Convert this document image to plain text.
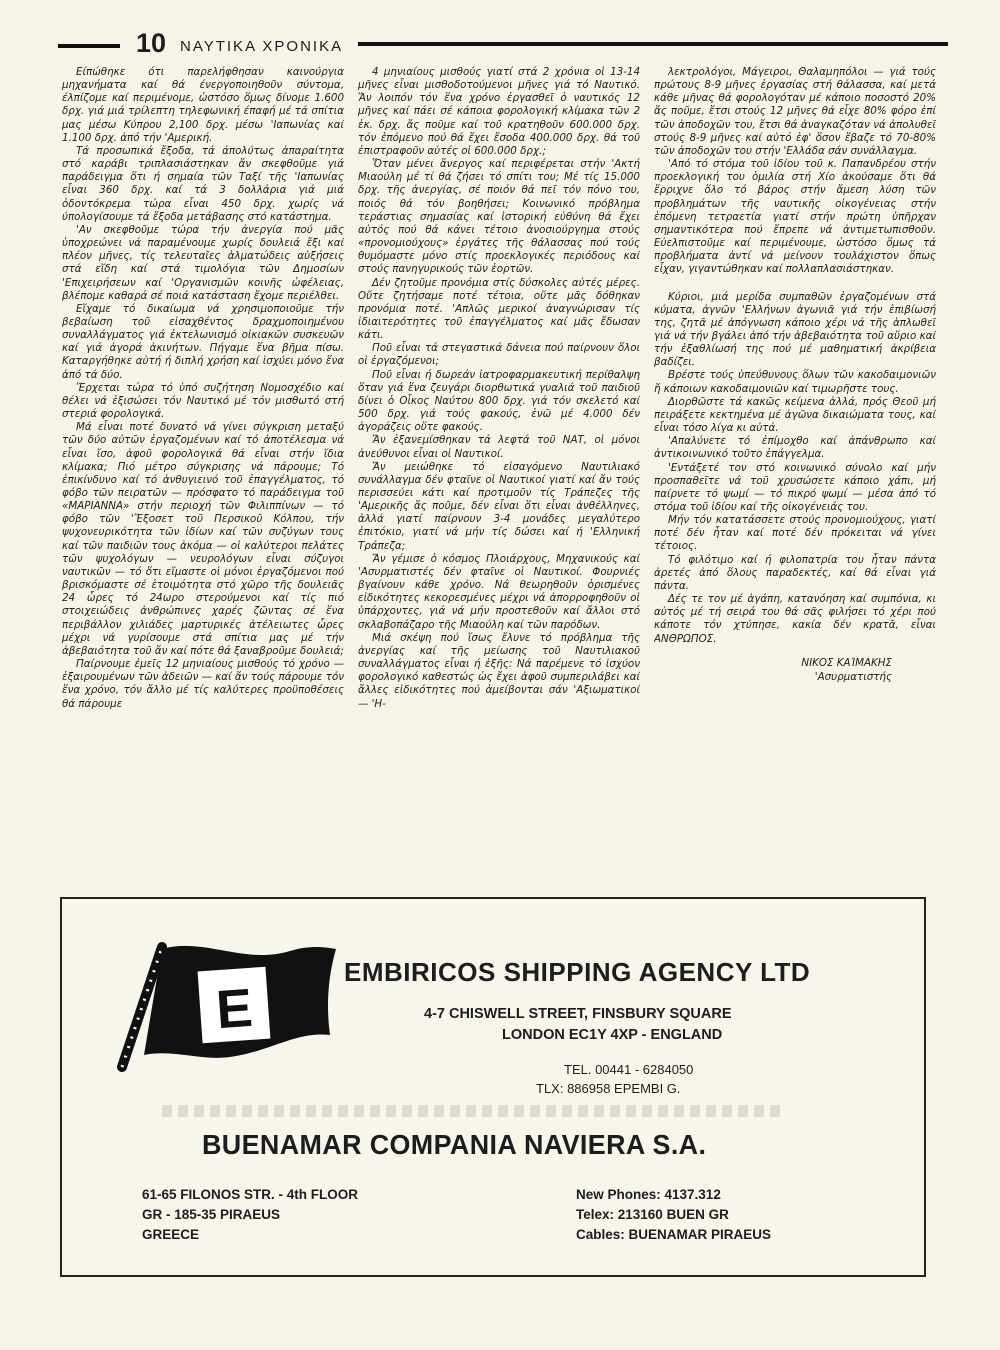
10 ΝΑΥΤΙΚΑ ΧΡΟΝΙΚΑ

Είπώθηκε ότι παρελήφθησαν καινούργια μηχανήματα καί θά ένεργοποιηθοῦν σύντομα, έλπίζομε καί περιμένομε, ὡστόσο ὅμως δίνομε 1.600 δρχ. γιά μιά τρίλεπτη τηλεφωνική έπαφή μέ τά σπίτια μας μέσω Κύπρου 2,100 δρχ. μέσω 'Ιαπωνίας καί 1.100 δρχ. ἀπό τήν 'Αμερική.

Τά προσωπικά ἔξοδα, τά άπολύτως ἀπαραίτητα στό καράβι τριπλασιάστηκαν ἄν σκεφθοῦμε γιά παράδειγμα ὅτι ή σημαία τῶν Ταξί τῆς 'Ιαπωνίας εἶναι 360 δρχ. καί τά 3 δολλάρια γιά μιά ὀδοντόκρεμα τώρα εἶναι 450 δρχ. χωρίς νά ύπολογίσουμε τά ἔξοδα μετάβασης στό κατάστημα.

'Αν σκεφθοῦμε τώρα τήν ἀνεργία πού μᾶς ὑποχρεώνει νά παραμένουμε χωρίς δουλειά ἔξι καί πλέον μῆνες, τίς τελευταῖες ἁλματώδεις αὐξήσεις στά εἴδη καί στά τιμολόγια τῶν Δημοσίων 'Επιχειρήσεων καί 'Οργανισμῶν κοινῆς ὠφέλειας, βλέπομε καθαρά σέ ποιά κατάσταση ἔχομε περιέλθει.

Εἴχαμε τό δικαίωμα νά χρησιμοποιοῦμε τήν βεβαίωση τοῦ εἰσαχθέντος δραχμοποιημένου συναλλάγματος γιά ἐκτελωνισμό οἰκιακῶν συσκευῶν καί γιά ἀγορά ἀκινήτων. Πήγαμε ἕνα βῆμα πίσω. Καταργήθηκε αὐτή ή διπλή χρήση καί ἰσχύει μόνο ἕνα ἀπό τά δύο.

Ἔρχεται τώρα τό ὑπό συζήτηση Νομοσχέδιο καί θέλει νά ἐξισώσει τόν Ναυτικό μέ τόν μισθωτό στή στεριά φορολογικά.

Μά εἶναι ποτέ δυνατό νά γίνει σύγκριση μεταξύ τῶν δύο αὐτῶν ἐργαζομένων καί τό ἀποτέλεσμα νά εἶναι ἴσο, ἀφοῦ φορολογικά θά εἶναι στήν ἴδια κλίμακα; Πιό μέτρο σύγκρισης νά πάρουμε; Τό ἐπικίνδυνο καί τό ἀνθυγιεινό τοῦ ἐπαγγέλματος, τό φόβο τῶν πειρατῶν — πρόσφατο τό παράδειγμα τοῦ «ΜΑΡΙΑΝΝΑ» στήν περιοχή τῶν Φιλιππίνων — τό φόβο τῶν 'Ἔξοσετ τοῦ Περσικοῦ Κόλπου, τήν ψυχονευρικότητα τῶν ἰδίων καί τῶν συζύγων τους καί τῶν παιδιῶν τους ἀκόμα — οἱ καλύτεροι πελάτες τῶν ψυχολόγων — νευρολόγων εἶναι σύζυγοι ναυτικῶν — τό ὅτι εἴμαστε οἱ μόνοι ἐργαζόμενοι πού βρισκόμαστε σέ ἑτοιμότητα στό χῶρο τῆς δουλειᾶς 24 ὧρες τό 24ωρο στερούμενοι καί τίς πιό στοιχειώδεις ἀνθρώπινες χαρές ζῶντας σέ ἕνα περιβάλλον χιλιάδες μαρτυρικές ἀτέλειωτες ὧρες μέχρι νά γυρίσουμε στά σπίτια μας μέ τήν ἀβεβαιότητα τοῦ ἄν καί πότε θά ξαναβροῦμε δουλειά;

Παίρνουμε ἐμεῖς 12 μηνιαίους μισθούς τό χρόνο — ἐξαιρουμένων τῶν ἀδειῶν — καί ἄν τούς πάρουμε τόν ἕνα χρόνο, τόν ἄλλο μέ τίς καλύτερες προϋποθέσεις θά πάρουμε

4 μηνιαίους μισθούς γιατί στά 2 χρόνια οἱ 13-14 μῆνες εἶναι μισθοδοτούμενοι μῆνες γιά τό Ναυτικό. Ἄν λοιπόν τόν ἕνα χρόνο ἐργασθεῖ ὁ ναυτικός 12 μῆνες καί πάει σέ κάποια φορολογική κλίμακα τῶν 2 ἑκ. δρχ. ἄς ποῦμε καί τοῦ κρατηθοῦν 600.000 δρχ. τόν ἑπόμενο πού θά ἔχει ἔσοδα 400.000 δρχ. θά τοῦ ἐπιστραφοῦν αὐτές οἱ 600.000 δρχ.;

Ὅταν μένει ἄνεργος καί περιφέρεται στήν 'Ακτή Μιαούλη μέ τί θά ζήσει τό σπίτι του; Μέ τίς 15.000 δρχ. τῆς ἀνεργίας, σέ ποιόν θά πεῖ τόν πόνο του, ποιός θά τόν βοηθήσει; Κοινωνικό πρόβλημα τεράστιας σημασίας καί ἱστορική εὐθύνη θά ἔχει αὐτός πού θά κάνει τέτοιο ἀνοσιούργημα στούς «προνομιούχους» ἐργάτες τῆς θάλασσας πού τούς θυμόμαστε μόνο στίς προεκλογικές περιόδους καί στούς πανηγυρικούς τῶν ἑορτῶν.

Δέν ζητοῦμε προνόμια στίς δύσκολες αὐτές μέρες. Οὔτε ζητήσαμε ποτέ τέτοια, οὔτε μᾶς δόθηκαν προνόμια ποτέ. 'Απλῶς μερικοί ἀναγνώρισαν τίς ἰδιαιτερότητες τοῦ ἐπαγγέλματος καί μᾶς ἔδωσαν κάτι.

Ποῦ εἶναι τά στεγαστικά δάνεια πού παίρνουν ὅλοι οἱ ἐργαζόμενοι;

Ποῦ εἶναι ή δωρεάν ἰατροφαρμακευτική περίθαλψη ὅταν γιά ἕνα ζευγάρι διορθωτικά γυαλιά τοῦ παιδιοῦ δίνει ὁ Οἶκος Ναύτου 800 δρχ. γιά τόν σκελετό καί 500 δρχ. γιά τούς φακούς, ἐνῶ μέ 4.000 δέν ἀγοράζεις οὔτε φακούς.

Ἄν ἐξανεμίσθηκαν τά λεφτά τοῦ ΝΑΤ, οἱ μόνοι ἀνεύθυνοι εἶναι οἱ Ναυτικοί.

Ἄν μειώθηκε τό εἰσαγόμενο Ναυτιλιακό συνάλλαγμα δέν φταῖνε οἱ Ναυτικοί γιατί καί ἄν τούς περισσεύει κάτι καί προτιμοῦν τίς Τράπεζες τῆς 'Αμερικῆς ἄς ποῦμε, δέν εἶναι ὅτι εἶναι ἀνθέλληνες, ἀλλά γιατί παίρνουν 3-4 μονάδες μεγαλύτερο ἐπιτόκιο, γιατί νά μήν τίς δώσει καί ή 'Ελληνική Τράπεζα;

Ἄν γέμισε ὁ κόσμος Πλοιάρχους, Μηχανικούς καί 'Ασυρματιστές δέν φταῖνε οἱ Ναυτικοί. Φουρνιές βγαίνουν κάθε χρόνο. Νά θεωρηθοῦν ὁρισμένες εἰδικότητες κεκορεσμένες μέχρι νά ἀπορροφηθοῦν οἱ ὑπάρχοντες, γιά νά μήν προστεθοῦν καί ἄλλοι στό σκλαβοπάζαρο τῆς Μιαούλη καί τῶν παρόδων.

Μιά σκέψη πού ἴσως ἔλυνε τό πρόβλημα τῆς ἀνεργίας καί τῆς μείωσης τοῦ Ναυτιλιακοῦ συναλλάγματος εἶναι ή ἑξῆς: Νά παρέμενε τό ἰσχύον φορολογικό καθεστώς ὡς ἔχει ἀφοῦ συμπεριλάβει καί ἄλλες εἰδικότητες πού ἀμείβονται σάν 'Αξιωματικοί — 'Η-

λεκτρολόγοι, Μάγειροι, Θαλαμηπόλοι — γιά τούς πρώτους 8-9 μῆνες ἐργασίας στή θάλασσα, καί μετά κάθε μῆνας θά φορολογόταν μέ κάποιο ποσοστό 20% ἄς ποῦμε, ἔτσι στούς 12 μῆνες θά εἶχε 80% φόρο ἐπί τῶν ἀποδοχῶν του, ἔτσι θά ἀναγκαζόταν νά ἀπολυθεῖ στούς 8-9 μῆνες καί αὐτό ἐφ' ὅσον ἔβαζε τό 70-80% τῶν ἀποδοχῶν του στήν 'Ελλάδα σάν συνάλλαγμα.

'Από τό στόμα τοῦ ἰδίου τοῦ κ. Παπανδρέου στήν προεκλογική του ὁμιλία στή Χίο ἀκούσαμε ὅτι θά ἔρριχνε ὅλο τό βάρος στήν ἄμεση λύση τῶν προβλημάτων τῆς ναυτικῆς οἰκογένειας στήν ἑπόμενη τετραετία γιατί στήν πρώτη ὑπῆρχαν σημαντικότερα πού ἔπρεπε νά ἀντιμετωπισθοῦν. Εὐελπιστοῦμε καί περιμένουμε, ὡστόσο ὅμως τά προβλήματα ἀντί νά μείνουν τουλάχιστον ὅπως εἶχαν, γιγαντώθηκαν καί πολλαπλασιάστηκαν.

Κύριοι, μιά μερίδα συμπαθῶν ἐργαζομένων στά κύματα, ἀγνῶν 'Ελλήνων ἀγωνιᾶ γιά τήν ἐπιβίωσή της, ζητᾶ μέ ἀπόγνωση κάποιο χέρι νά τῆς ἁπλωθεῖ γιά νά τήν βγάλει ἀπό τήν ἀβεβαιότητα τοῦ αὔριο καί τήν ἐξαθλίωσή της πού μέ μαθηματική ἀκρίβεια βαδίζει.

Βρέστε τούς ὑπεύθυνους ὅλων τῶν κακοδαιμονιῶν ἤ κάποιων κακοδαιμονιῶν καί τιμωρῆστε τους.

Διορθῶστε τά κακῶς κείμενα ἀλλά, πρός Θεοῦ μή πειράξετε κεκτημένα μέ ἀγῶνα δικαιώματα τους, καί εἶναι τόσο λίγα κι αὐτά.

'Απαλύνετε τό ἐπίμοχθο καί ἀπάνθρωπο καί ἀντικοινωνικό τοῦτο ἐπάγγελμα.

'Εντάξετέ τον στό κοινωνικό σύνολο καί μήν προσπαθεῖτε νά τοῦ χρυσώσετε κάποιο χάπι, μή παίρνετε τό ψωμί — τό πικρό ψωμί — μέσα ἀπό τό στόμα τοῦ ἰδίου καί τῆς οἰκογένειάς του.

Μήν τόν κατατάσσετε στούς προνομιούχους, γιατί ποτέ δέν ἦταν καί ποτέ δέν πρόκειται νά γίνει τέτοιος.

Τό φιλότιμο καί ή φιλοπατρία του ἦταν πάντα ἀρετές ἀπό ὅλους παραδεκτές, καί θά εἶναι γιά πάντα.

Δές τε τον μέ ἀγάπη, κατανόηση καί συμπόνια, κι αὐτός μέ τή σειρά του θά σᾶς φιλήσει τό χέρι πού κάποτε τόν χτύπησε, κακία δέν κρατᾶ, εἶναι ΑΝΘΡΩΠΟΣ.

ΝΙΚΟΣ ΚΑΊΜΑΚΗΣ
'Ασυρματιστής
E
EMBIRICOS SHIPPING AGENCY LTD
4-7 CHISWELL STREET, FINSBURY SQUARE
LONDON EC1Y 4XP - ENGLAND
TEL. 00441 - 6284050
TLX: 886958 EPEMBI G.
BUENAMAR COMPANIA NAVIERA S.A.
61-65 FILONOS STR. - 4th FLOOR
GR - 185-35 PIRAEUS
GREECE
New Phones: 4137.312
Telex: 213160 BUEN GR
Cables: BUENAMAR PIRAEUS
